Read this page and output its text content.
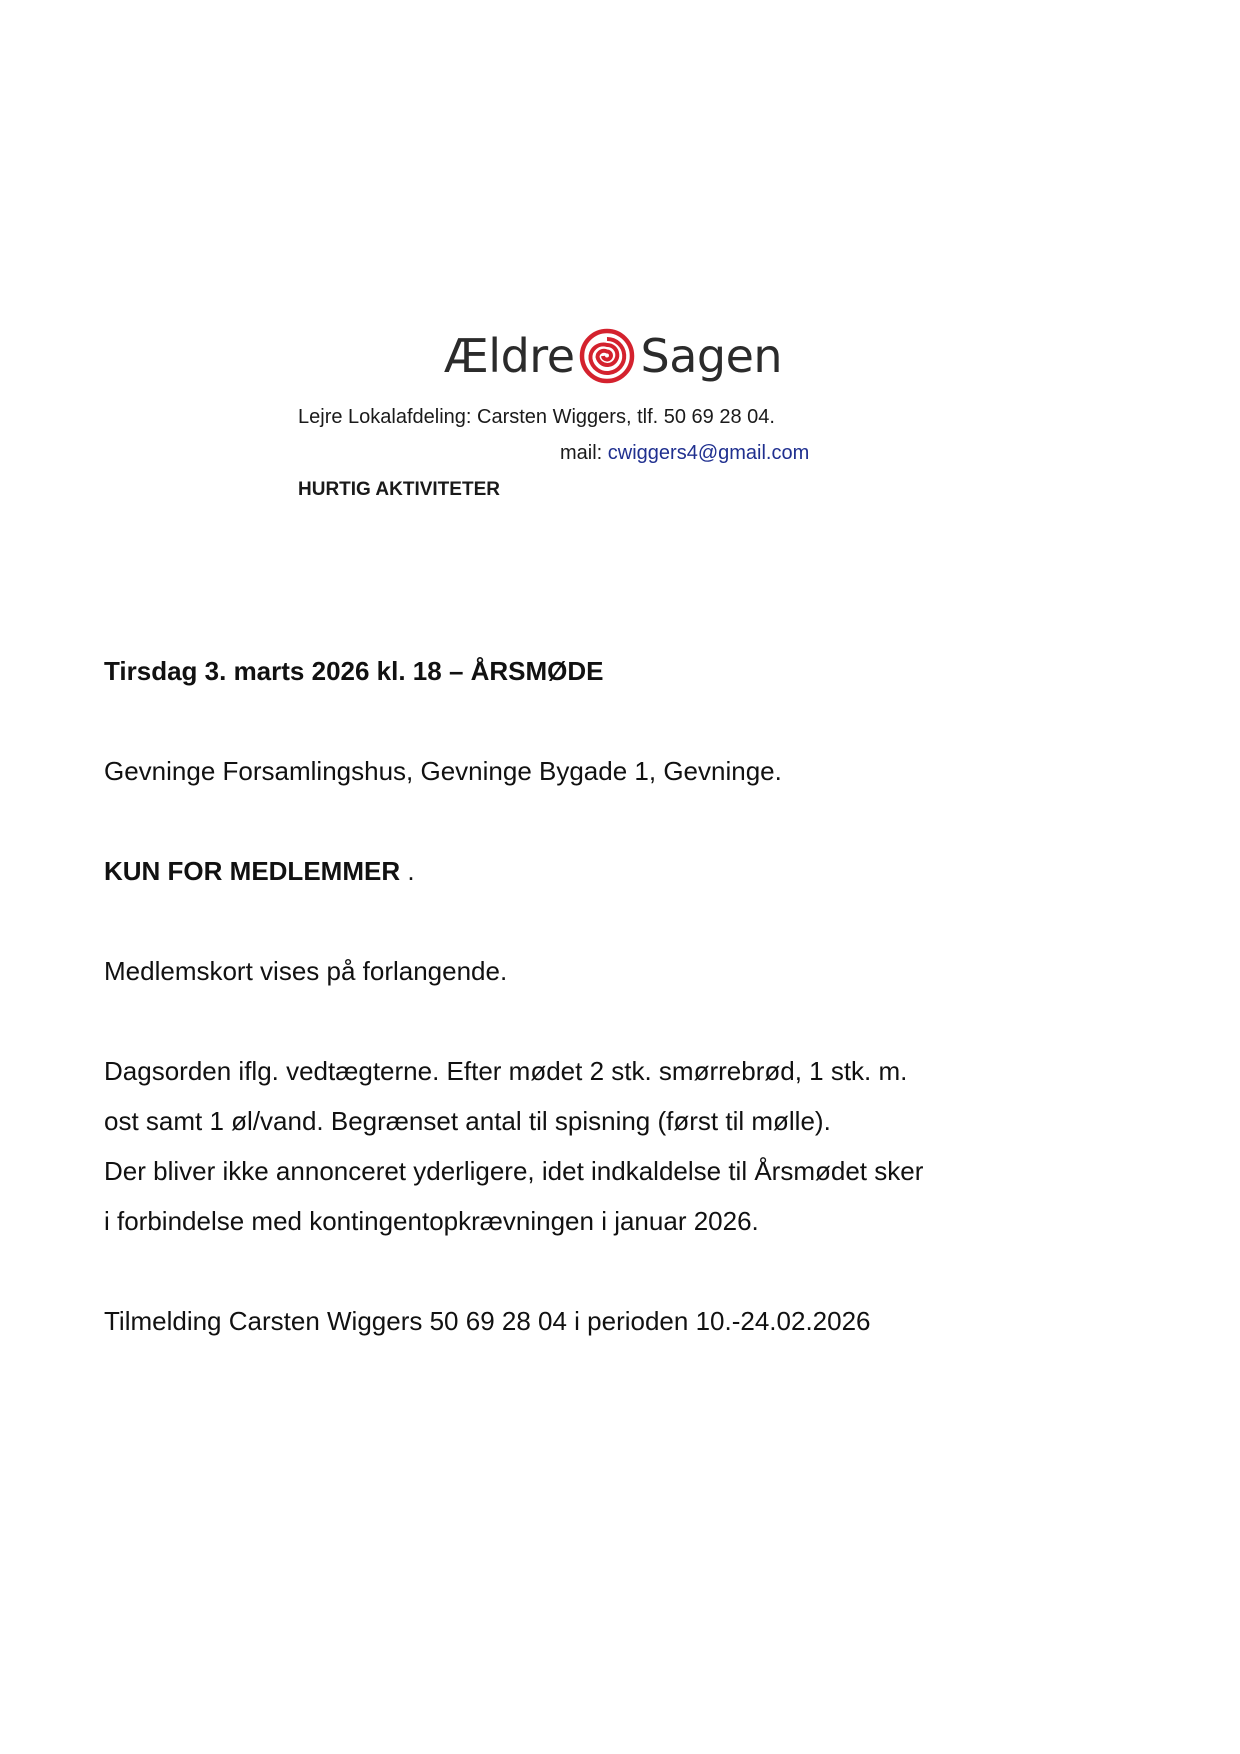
Ældre Sagen
Lejre Lokalafdeling: Carsten Wiggers, tlf. 50 69 28 04.
mail: cwiggers4@gmail.com
HURTIG AKTIVITETER
Tirsdag 3. marts 2026 kl. 18 – ÅRSMØDE
Gevninge Forsamlingshus, Gevninge Bygade 1, Gevninge.
KUN FOR MEDLEMMER .
Medlemskort vises på forlangende.
Dagsorden iflg. vedtægterne. Efter mødet 2 stk. smørrebrød, 1 stk. m.
ost samt 1 øl/vand. Begrænset antal til spisning (først til mølle).
Der bliver ikke annonceret yderligere, idet indkaldelse til Årsmødet sker
i forbindelse med kontingentopkrævningen i januar 2026.
Tilmelding Carsten Wiggers 50 69 28 04 i perioden 10.-24.02.2026
